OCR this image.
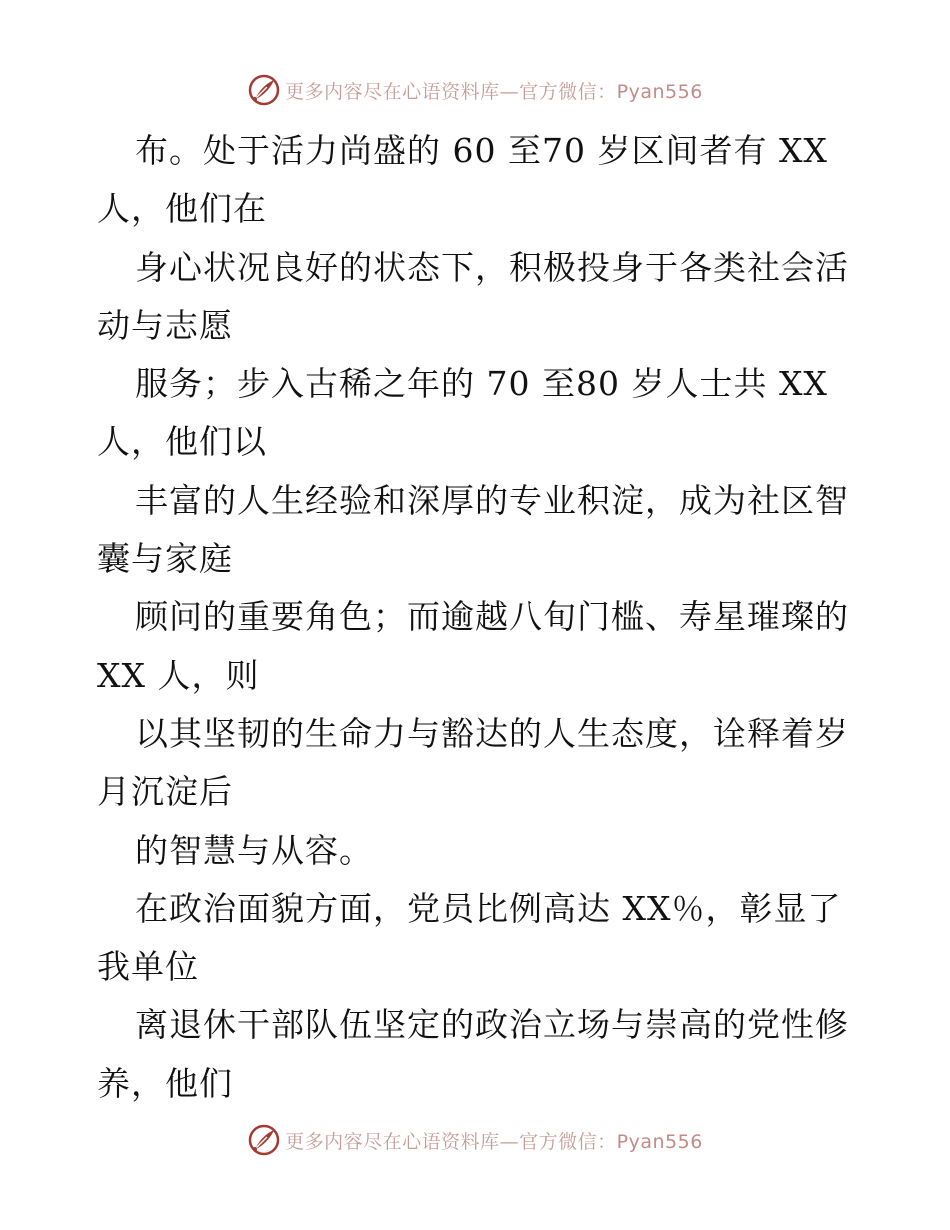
更多内容尽在心语资料库—官方微信：Pyan556
布。处于活力尚盛的 60 至70 岁区间者有 XX
人，他们在
身心状况良好的状态下，积极投身于各类社会活
动与志愿
服务；步入古稀之年的 70 至80 岁人士共 XX
人，他们以
丰富的人生经验和深厚的专业积淀，成为社区智
囊与家庭
顾问的重要角色；而逾越八旬门槛、寿星璀璨的
XX 人，则
以其坚韧的生命力与豁达的人生态度，诠释着岁
月沉淀后
的智慧与从容。
在政治面貌方面，党员比例高达 XX％，彰显了
我单位
离退休干部队伍坚定的政治立场与崇高的党性修
养，他们
更多内容尽在心语资料库—官方微信：Pyan556
